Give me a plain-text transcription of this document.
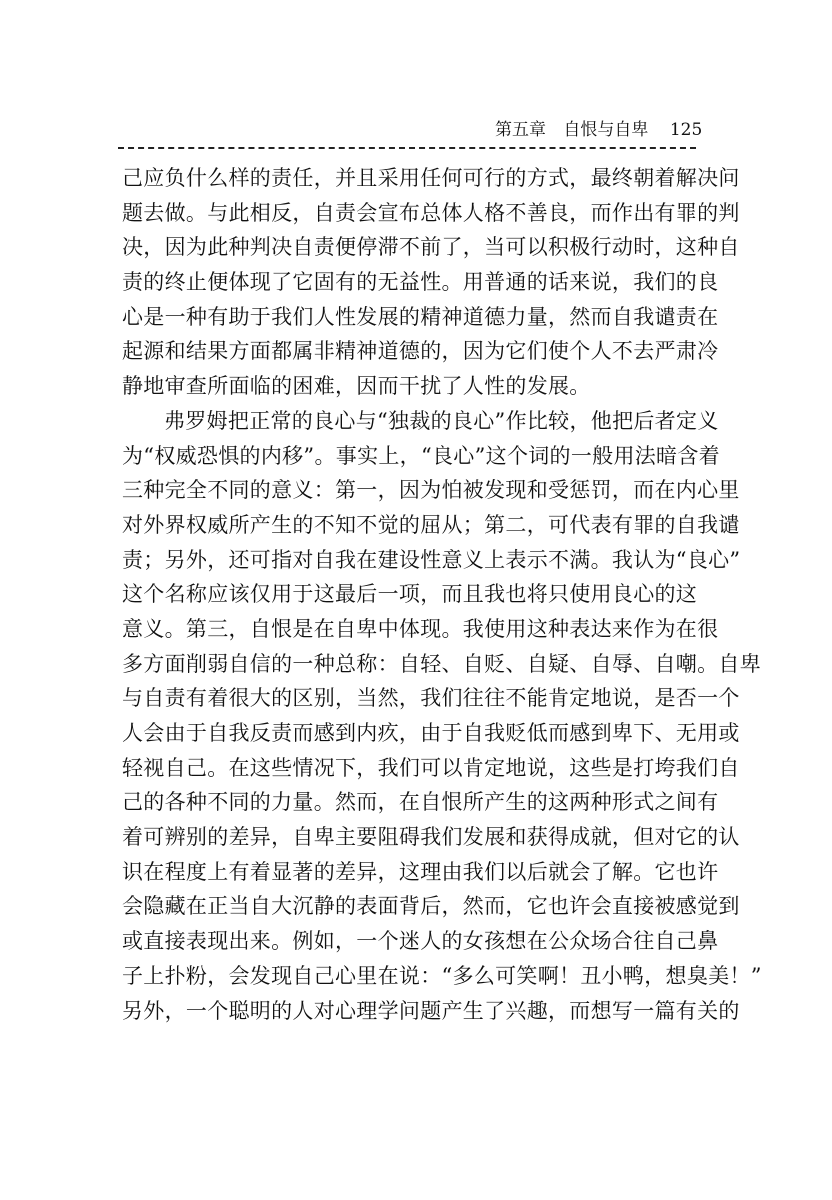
第五章 自恨与自卑 125
己应负什么样的责任，并且采用任何可行的方式，最终朝着解决问
题去做。与此相反，自责会宣布总体人格不善良，而作出有罪的判
决，因为此种判决自责便停滞不前了，当可以积极行动时，这种自
责的终止便体现了它固有的无益性。用普通的话来说，我们的良
心是一种有助于我们人性发展的精神道德力量，然而自我谴责在
起源和结果方面都属非精神道德的，因为它们使个人不去严肃冷
静地审查所面临的困难，因而干扰了人性的发展。
弗罗姆把正常的良心与“独裁的良心”作比较，他把后者定义
为“权威恐惧的内移”。事实上，“良心”这个词的一般用法暗含着
三种完全不同的意义：第一，因为怕被发现和受惩罚，而在内心里
对外界权威所产生的不知不觉的屈从；第二，可代表有罪的自我谴
责；另外，还可指对自我在建设性意义上表示不满。我认为“良心”
这个名称应该仅用于这最后一项，而且我也将只使用良心的这
意义。第三，自恨是在自卑中体现。我使用这种表达来作为在很
多方面削弱自信的一种总称：自轻、自贬、自疑、自辱、自嘲。自卑
与自责有着很大的区别，当然，我们往往不能肯定地说，是否一个
人会由于自我反责而感到内疚，由于自我贬低而感到卑下、无用或
轻视自己。在这些情况下，我们可以肯定地说，这些是打垮我们自
己的各种不同的力量。然而，在自恨所产生的这两种形式之间有
着可辨别的差异，自卑主要阻碍我们发展和获得成就，但对它的认
识在程度上有着显著的差异，这理由我们以后就会了解。它也许
会隐藏在正当自大沉静的表面背后，然而，它也许会直接被感觉到
或直接表现出来。例如，一个迷人的女孩想在公众场合往自己鼻
子上扑粉，会发现自己心里在说：“多么可笑啊！丑小鸭，想臭美！”
另外，一个聪明的人对心理学问题产生了兴趣，而想写一篇有关的
